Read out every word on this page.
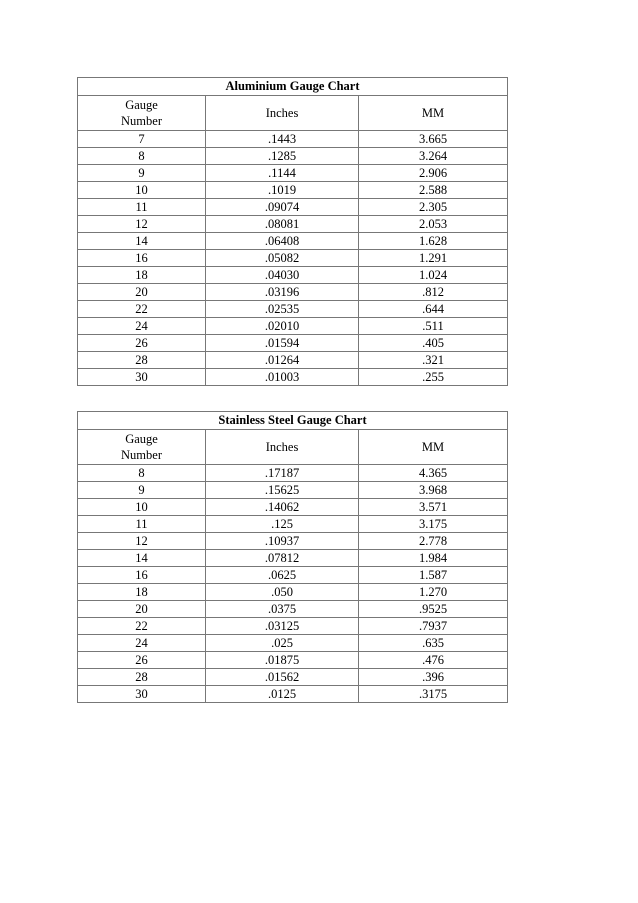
Aluminium Gauge Chart		
Gauge
Number	Inches	MM
7	.1443	3.665
8	.1285	3.264
9	.1144	2.906
10	.1019	2.588
11	.09074	2.305
12	.08081	2.053
14	.06408	1.628
16	.05082	1.291
18	.04030	1.024
20	.03196	.812
22	.02535	.644
24	.02010	.511
26	.01594	.405
28	.01264	.321
30	.01003	.255
Stainless Steel Gauge Chart		
Gauge
Number	Inches	MM
8	.17187	4.365
9	.15625	3.968
10	.14062	3.571
11	.125	3.175
12	.10937	2.778
14	.07812	1.984
16	.0625	1.587
18	.050	1.270
20	.0375	.9525
22	.03125	.7937
24	.025	.635
26	.01875	.476
28	.01562	.396
30	.0125	.3175
